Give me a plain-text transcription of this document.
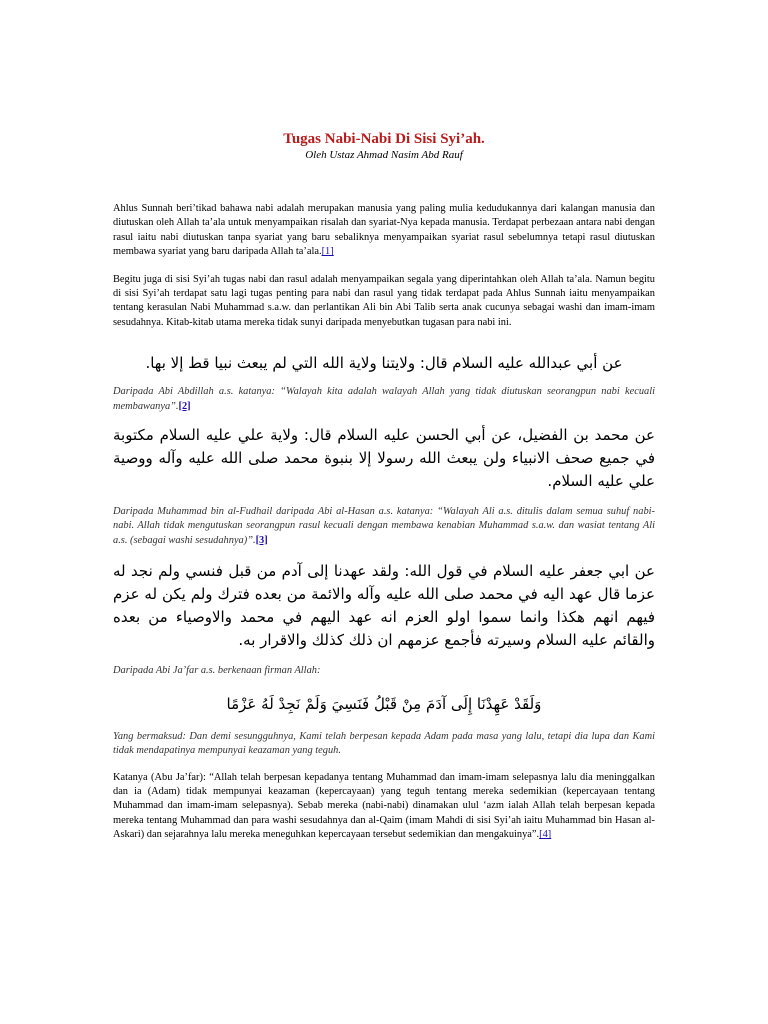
Tugas Nabi-Nabi Di Sisi Syi’ah.
Oleh Ustaz Ahmad Nasim Abd Rauf

Ahlus Sunnah beri’tikad bahawa nabi adalah merupakan manusia yang paling mulia kedudukannya dari kalangan manusia dan diutuskan oleh Allah ta’ala untuk menyampaikan risalah dan syariat-Nya kepada manusia. Terdapat perbezaan antara nabi dengan rasul iaitu nabi diutuskan tanpa syariat yang baru sebaliknya menyampaikan syariat rasul sebelumnya tetapi rasul diutuskan membawa syariat yang baru daripada Allah ta’ala.[1]

Begitu juga di sisi Syi’ah tugas nabi dan rasul adalah menyampaikan segala yang diperintahkan oleh Allah ta’ala. Namun begitu di sisi Syi’ah terdapat satu lagi tugas penting para nabi dan rasul yang tidak terdapat pada Ahlus Sunnah iaitu menyampaikan tentang kerasulan Nabi Muhammad s.a.w. dan perlantikan Ali bin Abi Talib serta anak cucunya sebagai washi dan imam-imam sesudahnya. Kitab-kitab utama mereka tidak sunyi daripada menyebutkan tugasan para nabi ini.

عن أبي عبدالله عليه السلام قال: ولايتنا ولاية الله التي لم يبعث نبيا قط إلا بها.

Daripada Abi Abdillah a.s. katanya: “Walayah kita adalah walayah Allah yang tidak diutuskan seorangpun nabi kecuali membawanya”.[2]

عن محمد بن الفضيل، عن أبي الحسن عليه السلام قال: ولاية علي عليه السلام مكتوبة في جميع صحف الانبياء ولن يبعث الله رسولا إلا بنبوة محمد صلى الله عليه وآله ووصية علي عليه السلام.

Daripada Muhammad bin al-Fudhail daripada Abi al-Hasan a.s. katanya: “Walayah Ali a.s. ditulis dalam semua suhuf nabi-nabi. Allah tidak mengutuskan seorangpun rasul kecuali dengan membawa kenabian Muhammad s.a.w. dan wasiat tentang Ali a.s. (sebagai washi sesudahnya)”.[3]

عن ابي جعفر عليه السلام في قول الله: ولقد عهدنا إلى آدم من قبل فنسي ولم نجد له عزما قال عهد اليه في محمد صلى الله عليه وآله والائمة من بعده فترك ولم يكن له عزم فيهم انهم هكذا وانما سموا اولو العزم انه عهد اليهم في محمد والاوصياء من بعده والقائم عليه السلام وسيرته فأجمع عزمهم ان ذلك كذلك والاقرار به.

Daripada Abi Ja’far a.s. berkenaan firman Allah:

وَلَقَدْ عَهِدْنَا إِلَى آدَمَ مِنْ قَبْلُ فَنَسِيَ وَلَمْ نَجِدْ لَهُ عَزْمًا

Yang bermaksud: Dan demi sesungguhnya, Kami telah berpesan kepada Adam pada masa yang lalu, tetapi dia lupa dan Kami tidak mendapatinya mempunyai keazaman yang teguh.

Katanya (Abu Ja’far): “Allah telah berpesan kepadanya tentang Muhammad dan imam-imam selepasnya lalu dia meninggalkan dan ia (Adam) tidak mempunyai keazaman (kepercayaan) yang teguh tentang mereka sedemikian (kepercayaan tentang Muhammad dan imam-imam selepasnya). Sebab mereka (nabi-nabi) dinamakan ulul ‘azm ialah Allah telah berpesan kepada mereka tentang Muhammad dan para washi sesudahnya dan al-Qaim (imam Mahdi di sisi Syi’ah iaitu Muhammad bin Hasan al-Askari) dan sejarahnya lalu mereka meneguhkan kepercayaan tersebut sedemikian dan mengakuinya”.[4]
